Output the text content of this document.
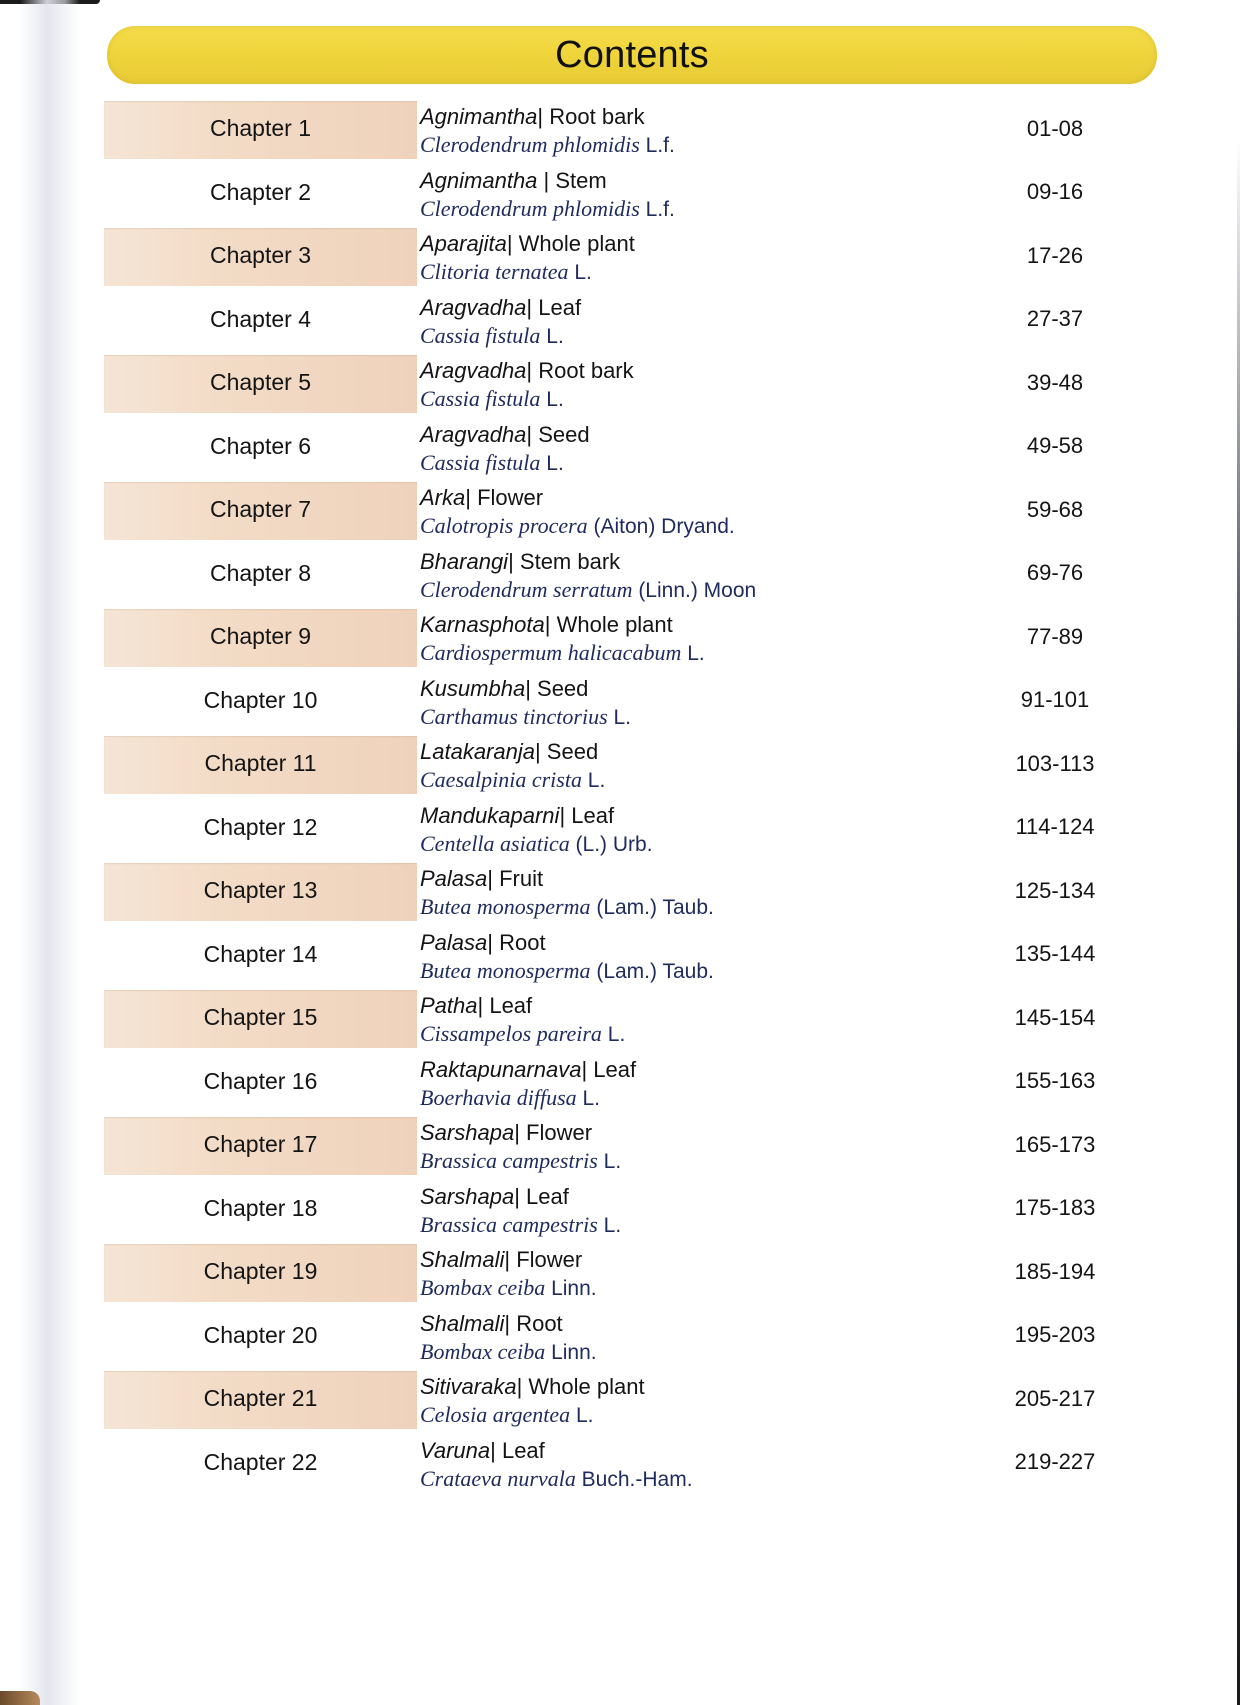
Contents
Chapter 1	Agnimantha| Root bark
Clerodendrum phlomidis L.f.
01-08
Chapter 2	Agnimantha | Stem
Clerodendrum phlomidis L.f.
09-16
Chapter 3	Aparajita| Whole plant
Clitoria ternatea L.
17-26
Chapter 4	Aragvadha| Leaf
Cassia fistula L.
27-37
Chapter 5	Aragvadha| Root bark
Cassia fistula L.
39-48
Chapter 6	Aragvadha| Seed
Cassia fistula L.
49-58
Chapter 7	Arka| Flower
Calotropis procera (Aiton) Dryand.
59-68
Chapter 8	Bharangi| Stem bark
Clerodendrum serratum (Linn.) Moon
69-76
Chapter 9	Karnasphota| Whole plant
Cardiospermum halicacabum L.
77-89
Chapter 10	Kusumbha| Seed
Carthamus tinctorius L.
91-101
Chapter 11	Latakaranja| Seed
Caesalpinia crista L.
103-113
Chapter 12	Mandukaparni| Leaf
Centella asiatica (L.) Urb.
114-124
Chapter 13	Palasa| Fruit
Butea monosperma (Lam.) Taub.
125-134
Chapter 14	Palasa| Root
Butea monosperma (Lam.) Taub.
135-144
Chapter 15	Patha| Leaf
Cissampelos pareira L.
145-154
Chapter 16	Raktapunarnava| Leaf
Boerhavia diffusa L.
155-163
Chapter 17	Sarshapa| Flower
Brassica campestris L.
165-173
Chapter 18	Sarshapa| Leaf
Brassica campestris L.
175-183
Chapter 19	Shalmali| Flower
Bombax ceiba Linn.
185-194
Chapter 20	Shalmali| Root
Bombax ceiba Linn.
195-203
Chapter 21	Sitivaraka| Whole plant
Celosia argentea L.
205-217
Chapter 22	Varuna| Leaf
Crataeva nurvala Buch.-Ham.
219-227
